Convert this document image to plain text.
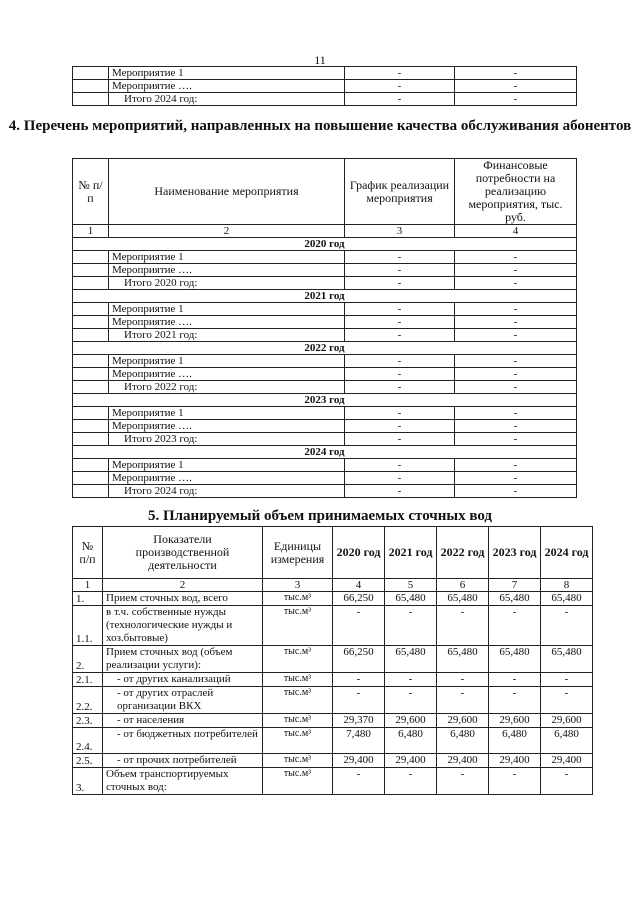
11
	Мероприятие 1	-	-
	Мероприятие ….	-	-
	Итого 2024 год:	-	-
4. Перечень мероприятий, направленных на повышение качества обслуживания абонентов
№ п/п	Наименование мероприятия	График реализации мероприятия	Финансовые потребности на реализацию мероприятия, тыс. руб.
1	2	3	4
2020 год			
	Мероприятие 1	-	-
	Мероприятие ….	-	-
	Итого 2020 год:	-	-
2021 год			
	Мероприятие 1	-	-
	Мероприятие ….	-	-
	Итого 2021 год:	-	-
2022 год			
	Мероприятие 1	-	-
	Мероприятие ….	-	-
	Итого 2022 год:	-	-
2023 год			
	Мероприятие 1	-	-
	Мероприятие ….	-	-
	Итого 2023 год:	-	-
2024 год			
	Мероприятие 1	-	-
	Мероприятие ….	-	-
	Итого 2024 год:	-	-
5. Планируемый объем принимаемых сточных вод
№ п/п	Показатели производственной деятельности	Единицы измерения	2020 год	2021 год	2022 год	2023 год	2024 год
1	2	3	4	5	6	7	8
1.	Прием сточных вод, всего	тыс.м³	66,250	65,480	65,480	65,480	65,480
1.1.	в т.ч. собственные нужды (технологические нужды и хоз.бытовые)	тыс.м³	-	-	-	-	-
2.	Прием сточных вод (объем реализации услуги):	тыс.м³	66,250	65,480	65,480	65,480	65,480
2.1.	- от других канализаций	тыс.м³	-	-	-	-	-
2.2.	- от других отраслей организации ВКХ	тыс.м³	-	-	-	-	-
2.3.	- от населения	тыс.м³	29,370	29,600	29,600	29,600	29,600
2.4.	- от бюджетных потребителей	тыс.м³	7,480	6,480	6,480	6,480	6,480
2.5.	- от прочих потребителей	тыс.м³	29,400	29,400	29,400	29,400	29,400
3.	Объем транспортируемых сточных вод:	тыс.м³	-	-	-	-	-
